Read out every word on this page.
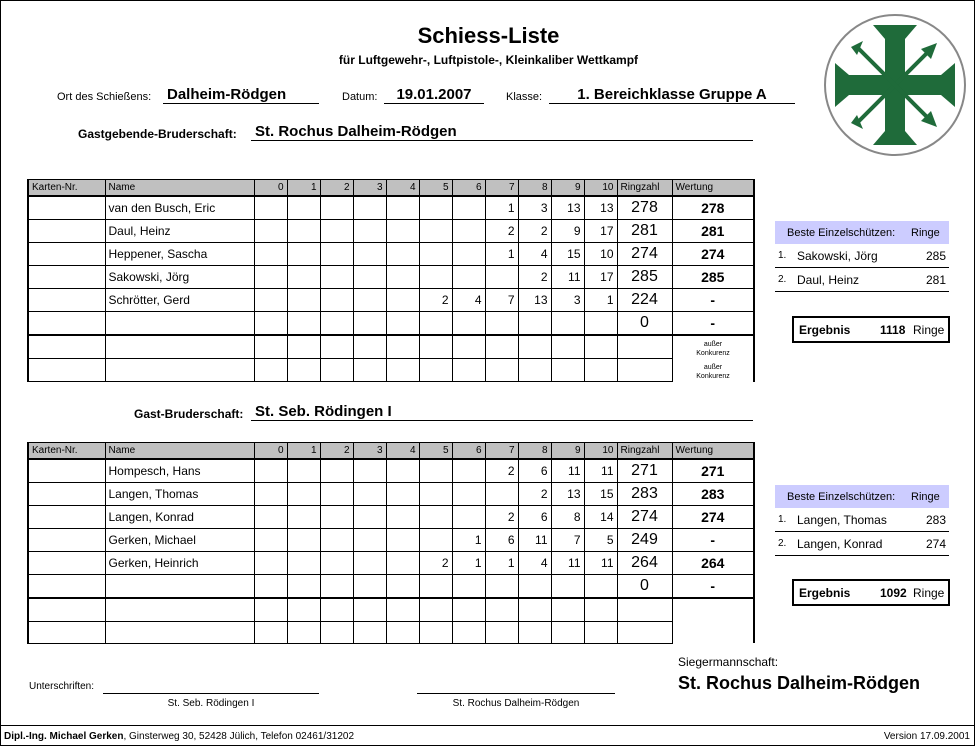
Schiess-Liste
für Luftgewehr-, Luftpistole-, Kleinkaliber Wettkampf
Ort des Schießens: Dalheim-Rödgen	Datum:	19.01.2007	Klasse:	1. Bereichklasse Gruppe A
Gastgebende-Bruderschaft: St. Rochus Dalheim-Rödgen
Karten-Nr.	Name	0	1	2	3	4	5	6	7	8	9	10	Ringzahl	Wertung
	van den Busch, Eric								1	3	13	13	278	278
	Daul, Heinz								2	2	9	17	281	281
	Heppener, Sascha								1	4	15	10	274	274
	Sakowski, Jörg									2	11	17	285	285
	Schrötter, Gerd						2	4	7	13	3	1	224	-
													0	-

außer Konkurenz
außer Konkurenz
Beste Einzelschützen:		Ringe
1.	Sakowski, Jörg	285
2.	Daul, Heinz	281
Ergebnis 1118 Ringe
Gast-Bruderschaft: St. Seb. Rödingen I
Karten-Nr.	Name	0	1	2	3	4	5	6	7	8	9	10	Ringzahl	Wertung
	Hompesch, Hans								2	6	11	11	271	271
	Langen, Thomas									2	13	15	283	283
	Langen, Konrad								2	6	8	14	274	274
	Gerken, Michael							1	6	11	7	5	249	-
	Gerken, Heinrich						2	1	1	4	11	11	264	264
													0	-

Beste Einzelschützen:		Ringe
1.	Langen, Thomas	283
2.	Langen, Konrad	274
Ergebnis 1092 Ringe
Siegermannschaft:
St. Rochus Dalheim-Rödgen
Unterschriften:
St. Seb. Rödingen I	St. Rochus Dalheim-Rödgen
Dipl.-Ing. Michael Gerken, Ginsterweg 30, 52428 Jülich, Telefon 02461/31202	Version 17.09.2001
